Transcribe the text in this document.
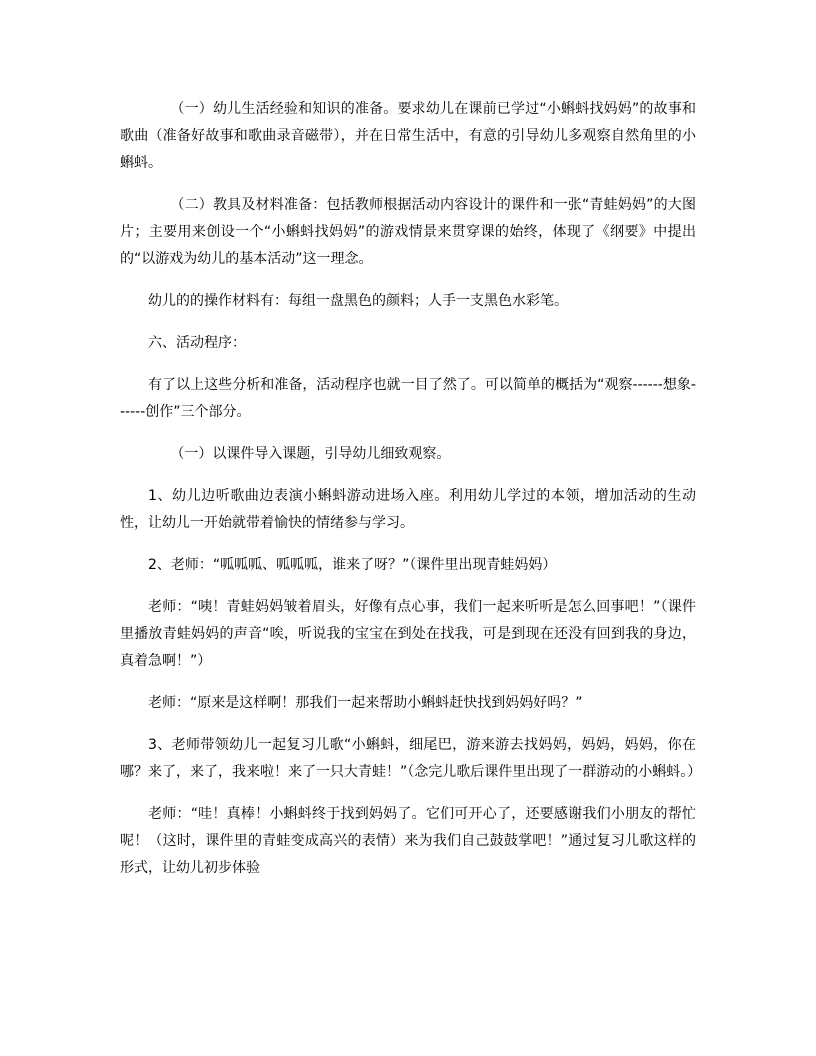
（一）幼儿生活经验和知识的准备。要求幼儿在课前已学过“小蝌蚪找妈妈”的故事和歌曲（准备好故事和歌曲录音磁带），并在日常生活中，有意的引导幼儿多观察自然角里的小蝌蚪。

（二）教具及材料准备：包括教师根据活动内容设计的课件和一张“青蛙妈妈”的大图片；主要用来创设一个“小蝌蚪找妈妈”的游戏情景来贯穿课的始终，体现了《纲要》中提出的“以游戏为幼儿的基本活动”这一理念。

幼儿的的操作材料有：每组一盘黑色的颜料；人手一支黑色水彩笔。

六、活动程序：

有了以上这些分析和准备，活动程序也就一目了然了。可以简单的概括为“观察------想象------创作”三个部分。

（一）以课件导入课题，引导幼儿细致观察。

1、幼儿边听歌曲边表演小蝌蚪游动进场入座。利用幼儿学过的本领，增加活动的生动性，让幼儿一开始就带着愉快的情绪参与学习。

2、老师：“呱呱呱、呱呱呱，谁来了呀？”（课件里出现青蛙妈妈）

老师：“咦！青蛙妈妈皱着眉头，好像有点心事，我们一起来听听是怎么回事吧！”（课件里播放青蛙妈妈的声音“唉，听说我的宝宝在到处在找我，可是到现在还没有回到我的身边，真着急啊！”）

老师：“原来是这样啊！那我们一起来帮助小蝌蚪赶快找到妈妈好吗？”

3、老师带领幼儿一起复习儿歌“小蝌蚪，细尾巴，游来游去找妈妈，妈妈，妈妈，你在哪？来了，来了，我来啦！来了一只大青蛙！”（念完儿歌后课件里出现了一群游动的小蝌蚪。）

老师：“哇！真棒！小蝌蚪终于找到妈妈了。它们可开心了，还要感谢我们小朋友的帮忙呢！（这时，课件里的青蛙变成高兴的表情）来为我们自己鼓鼓掌吧！”通过复习儿歌这样的形式，让幼儿初步体验
